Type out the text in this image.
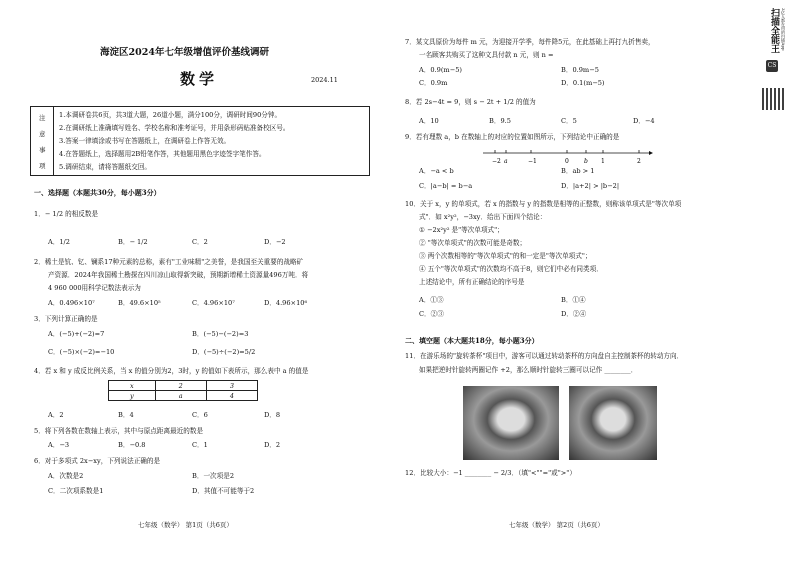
海淀区2024年七年级增值评价基线调研
数学	2024.11
注
意
事
项
1.本调研卷共6页，共3道大题，26道小题，满分100分，调研时间90分钟。
2.在调研纸上准确填写姓名、学校名称和准考证号，并用条形码贴准备校区号。
3.答案一律填涂或书写在答题纸上，在调研卷上作答无效。
4.在答题纸上，选择题用2B铅笔作答，其他题用黑色字迹签字笔作答。
5.调研结束，请将答题纸交回。
一、选择题（本题共30分，每小题3分）
1．− 1/2 的相反数是
A．1/2	B．− 1/2	C．2	D．−2
2．稀土是钪、钇、镧系17种元素的总称，素有"工业味精"之美誉，是我国至关重要的战略矿
产资源．2024年我国稀土勘探在四川凉山取得新突破，预期新增稀土资源量496万吨．将
4 960 000用科学记数法表示为
A．0.496×10⁷	B．49.6×10⁵	C．4.96×10⁷	D．4.96×10⁶
3．下列计算正确的是
A．(−5)+(−2)=7	B．(−5)−(−2)=3
C．(−5)×(−2)=−10	D．(−5)÷(−2)=5/2
4．若 x 和 y 成反比例关系，当 x 的值分别为2，3时，y 的值如下表所示，那么表中 a 的值是
x	2	3
y	a	4
A．2	B．4	C．6	D．8
5．将下列各数在数轴上表示，其中与原点距离最近的数是
A．−3	B．−0.8	C．1	D．2
6．对于多项式 2x−xy，下列说法正确的是
A．次数是2	B．一次项是2
C．二次项系数是1	D．其值不可能等于2
七年级（数学） 第1页（共6页）
7．某文具原价为每件 m 元，为迎接开学季，每件降5元，在此基础上再打九折售卖，
一名顾客共购买了这种文具付款 n 元，则 n =
A．0.9(m−5)	B．0.9m−5
C．0.9m	D．0.1(m−5)
8．若 2s−4t = 9，则 s − 2t + 1/2 的值为
A．10	B．9.5	C．5	D．−4
9．若有理数 a，b 在数轴上的对应的位置如图所示，下列结论中正确的是
A．−a < b	B．ab > 1
C．|a−b| = b−a	D．|a+2| > |b−2|
10．关于 x，y 的单项式，若 x 的指数与 y 的指数是相等的正整数，则称该单项式是"等次单项
式"．如 x²y²，−3xy．给出下面四个结论：
① −2x²y² 是"等次单项式"；
② "等次单项式"的次数可能是奇数；
③ 两个次数相等的"等次单项式"的和一定是"等次单项式"；
④ 五个"等次单项式"的次数均不高于8，则它们中必有同类项．
上述结论中，所有正确结论的序号是
A．①③	B．①④
C．②③	D．②④
二、填空题（本大题共18分，每小题3分）
11．在游乐场的"旋转茶杯"项目中，游客可以通过转动茶杯的方向盘自主控制茶杯的转动方向．
如果把逆时针旋转两圈记作 +2，那么顺时针旋转三圈可以记作 ________．
12．比较大小：−1 ________ − 2/3．（填"<""="或">"）
七年级（数学） 第2页（共6页）
−2 a	−1	0	b 1	2
扫描全能王
CS
3亿人都在用的扫描App
